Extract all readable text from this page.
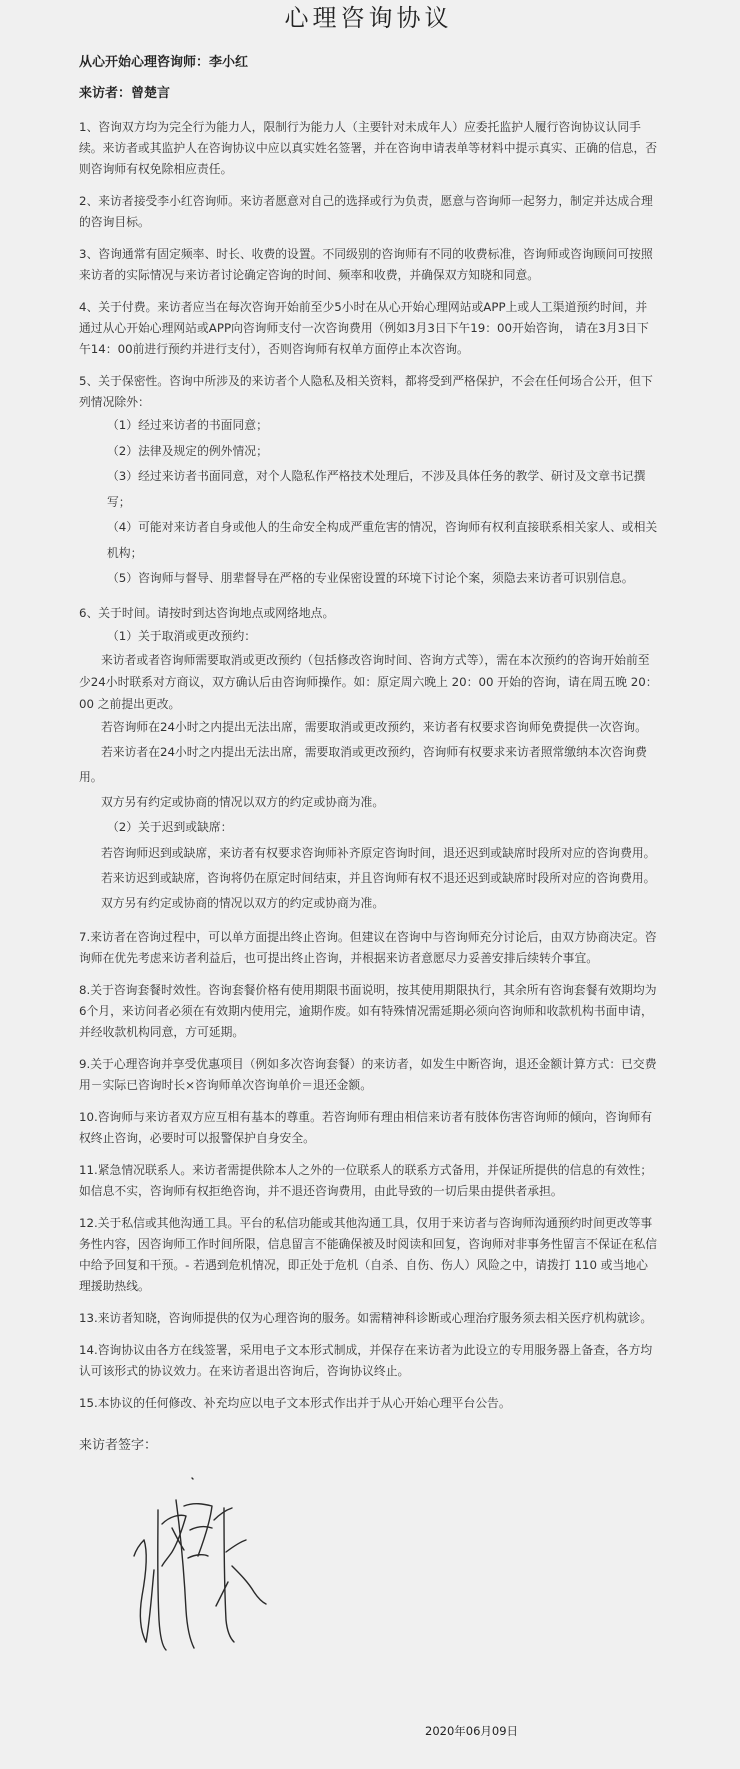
心理咨询协议
从心开始心理咨询师：李小红
来访者：曾楚言

1、咨询双方均为完全行为能力人，限制行为能力人（主要针对未成年人）应委托监护人履行咨询协议认同手续。来访者或其监护人在咨询协议中应以真实姓名签署，并在咨询申请表单等材料中提示真实、正确的信息，否则咨询师有权免除相应责任。

2、来访者接受李小红咨询师。来访者愿意对自己的选择或行为负责，愿意与咨询师一起努力，制定并达成合理的咨询目标。

3、咨询通常有固定频率、时长、收费的设置。不同级别的咨询师有不同的收费标准，咨询师或咨询顾问可按照来访者的实际情况与来访者讨论确定咨询的时间、频率和收费，并确保双方知晓和同意。

4、关于付费。来访者应当在每次咨询开始前至少5小时在从心开始心理网站或APP上或人工渠道预约时间，并通过从心开始心理网站或APP向咨询师支付一次咨询费用（例如3月3日下午19：00开始咨询， 请在3月3日下午14：00前进行预约并进行支付），否则咨询师有权单方面停止本次咨询。

5、关于保密性。咨询中所涉及的来访者个人隐私及相关资料，都将受到严格保护，不会在任何场合公开，但下列情况除外：
（1）经过来访者的书面同意；
（2）法律及规定的例外情况；
（3）经过来访者书面同意，对个人隐私作严格技术处理后，不涉及具体任务的教学、研讨及文章书记撰写；
（4）可能对来访者自身或他人的生命安全构成严重危害的情况，咨询师有权利直接联系相关家人、或相关机构；
（5）咨询师与督导、朋辈督导在严格的专业保密设置的环境下讨论个案，须隐去来访者可识别信息。
6、关于时间。请按时到达咨询地点或网络地点。
（1）关于取消或更改预约：
来访者或者咨询师需要取消或更改预约（包括修改咨询时间、咨询方式等），需在本次预约的咨询开始前至少24小时联系对方商议，双方确认后由咨询师操作。如：原定周六晚上 20：00 开始的咨询，请在周五晚 20：00 之前提出更改。
若咨询师在24小时之内提出无法出席，需要取消或更改预约，来访者有权要求咨询师免费提供一次咨询。
若来访者在24小时之内提出无法出席，需要取消或更改预约，咨询师有权要求来访者照常缴纳本次咨询费用。
双方另有约定或协商的情况以双方的约定或协商为准。
（2）关于迟到或缺席：
若咨询师迟到或缺席，来访者有权要求咨询师补齐原定咨询时间，退还迟到或缺席时段所对应的咨询费用。
若来访迟到或缺席，咨询将仍在原定时间结束，并且咨询师有权不退还迟到或缺席时段所对应的咨询费用。
双方另有约定或协商的情况以双方的约定或协商为准。

7.来访者在咨询过程中，可以单方面提出终止咨询。但建议在咨询中与咨询师充分讨论后，由双方协商决定。咨询师在优先考虑来访者利益后，也可提出终止咨询，并根据来访者意愿尽力妥善安排后续转介事宜。

8.关于咨询套餐时效性。咨询套餐价格有使用期限书面说明，按其使用期限执行，其余所有咨询套餐有效期均为6个月，来访问者必须在有效期内使用完，逾期作废。如有特殊情况需延期必须向咨询师和收款机构书面申请，并经收款机构同意，方可延期。

9.关于心理咨询并享受优惠项目（例如多次咨询套餐）的来访者，如发生中断咨询，退还金额计算方式：已交费用－实际已咨询时长×咨询师单次咨询单价＝退还金额。

10.咨询师与来访者双方应互相有基本的尊重。若咨询师有理由相信来访者有肢体伤害咨询师的倾向，咨询师有权终止咨询，必要时可以报警保护自身安全。

11.紧急情况联系人。来访者需提供除本人之外的一位联系人的联系方式备用，并保证所提供的信息的有效性；如信息不实，咨询师有权拒绝咨询，并不退还咨询费用，由此导致的一切后果由提供者承担。

12.关于私信或其他沟通工具。平台的私信功能或其他沟通工具，仅用于来访者与咨询师沟通预约时间更改等事务性内容，因咨询师工作时间所限，信息留言不能确保被及时阅读和回复，咨询师对非事务性留言不保证在私信中给予回复和干预。- 若遇到危机情况，即正处于危机（自杀、自伤、伤人）风险之中，请拨打 110 或当地心理援助热线。

13.来访者知晓，咨询师提供的仅为心理咨询的服务。如需精神科诊断或心理治疗服务须去相关医疗机构就诊。

14.咨询协议由各方在线签署，采用电子文本形式制成，并保存在来访者为此设立的专用服务器上备查，各方均认可该形式的协议效力。在来访者退出咨询后，咨询协议终止。

15.本协议的任何修改、补充均应以电子文本形式作出并于从心开始心理平台公告。

来访者签字：
2020年06月09日
